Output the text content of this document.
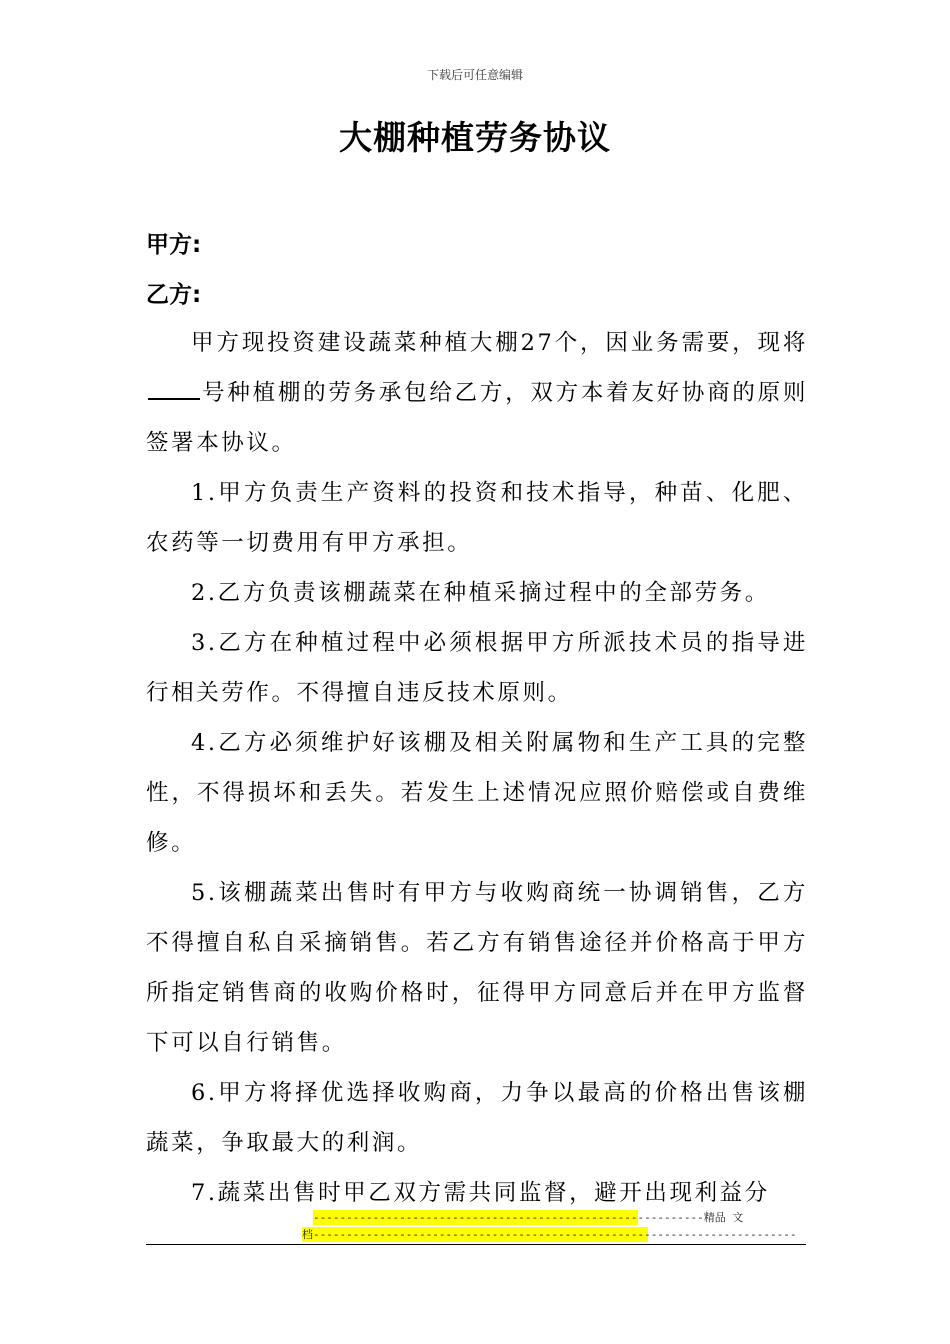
下载后可任意编辑
大棚种植劳务协议
甲方:
乙方:

甲方现投资建设蔬菜种植大棚27个，因业务需要，现将号种植棚的劳务承包给乙方，双方本着友好协商的原则签署本协议。

1.甲方负责生产资料的投资和技术指导，种苗、化肥、农药等一切费用有甲方承担。

2.乙方负责该棚蔬菜在种植采摘过程中的全部劳务。

3.乙方在种植过程中必须根据甲方所派技术员的指导进行相关劳作。不得擅自违反技术原则。

4.乙方必须维护好该棚及相关附属物和生产工具的完整性，不得损坏和丢失。若发生上述情况应照价赔偿或自费维修。

5.该棚蔬菜出售时有甲方与收购商统一协调销售，乙方不得擅自私自采摘销售。若乙方有销售途径并价格高于甲方所指定销售商的收购价格时，征得甲方同意后并在甲方监督下可以自行销售。

6.甲方将择优选择收购商，力争以最高的价格出售该棚蔬菜，争取最大的利润。

7.蔬菜出售时甲乙双方需共同监督，避开出现利益分

-----------------------------------------------------------精品 文
档-------------------------------------------------------------------------
